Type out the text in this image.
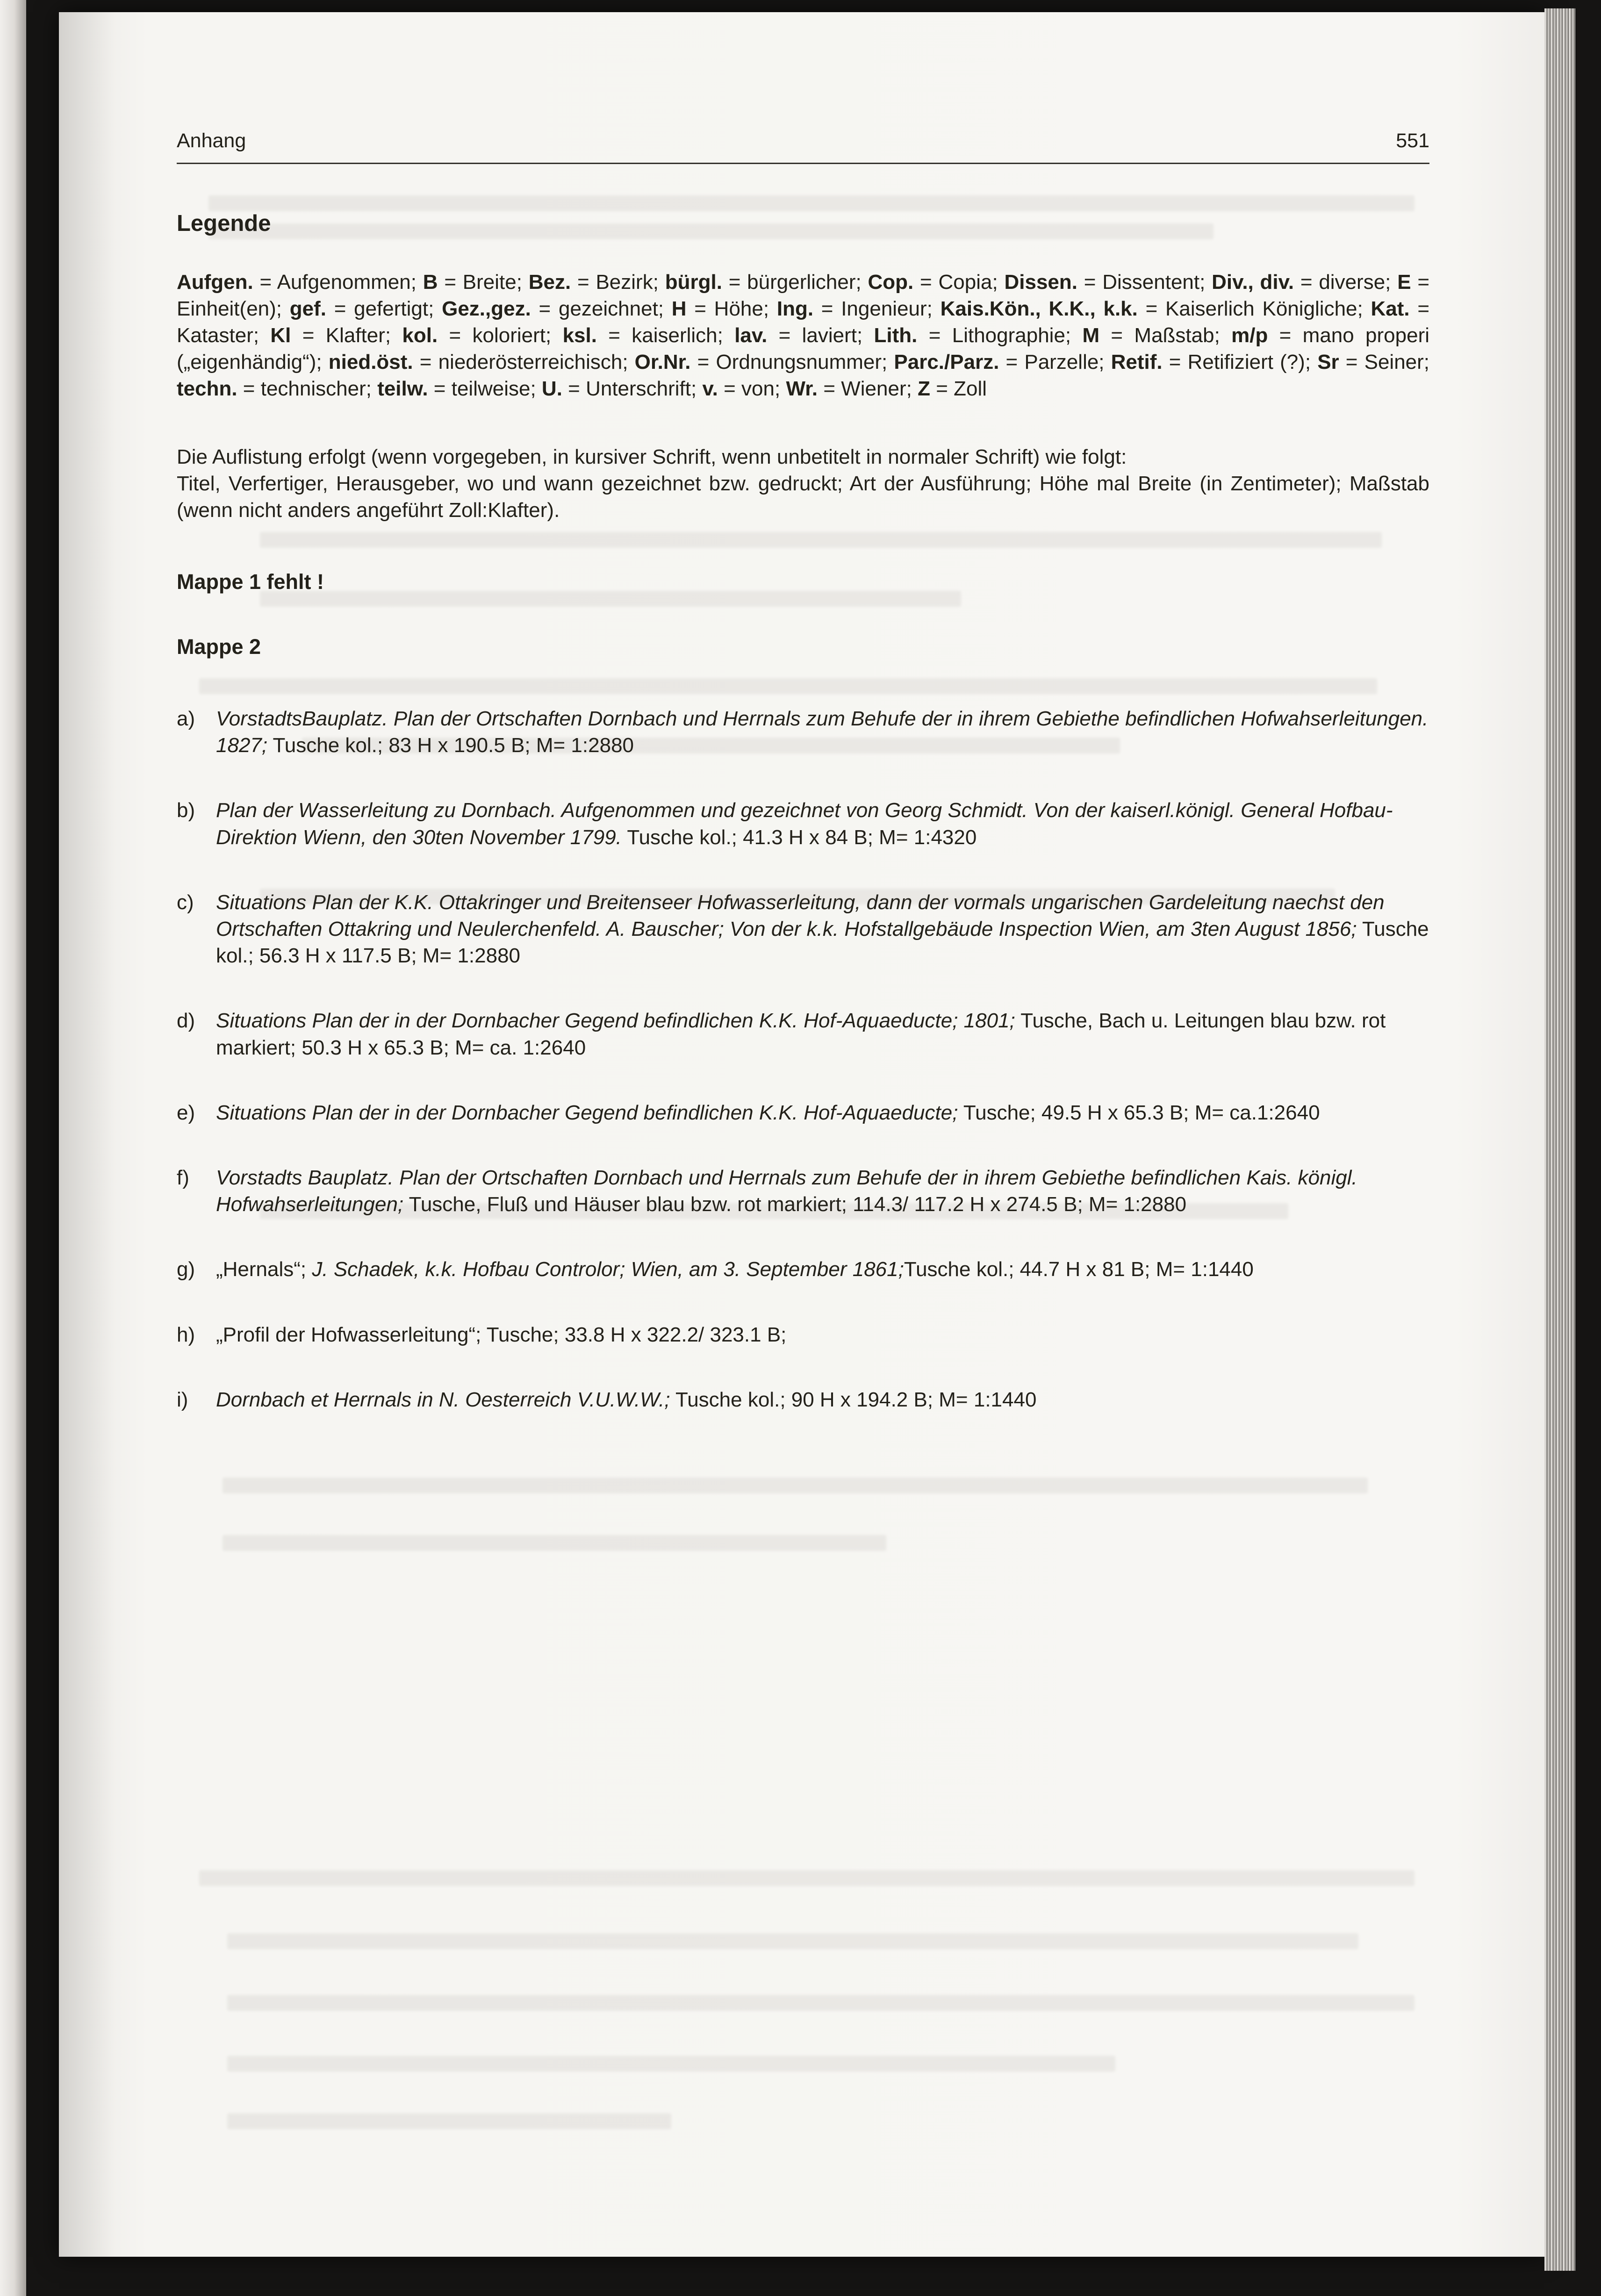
Anhang	551
Legende
Aufgen. = Aufgenommen; B = Breite; Bez. = Bezirk; bürgl. = bürgerlicher; Cop. = Copia; Dissen. = Dissentent; Div., div. = diverse; E = Einheit(en); gef. = gefertigt; Gez.,gez. = gezeichnet; H = Höhe; Ing. = Ingenieur; Kais.Kön., K.K., k.k. = Kaiserlich Königliche; Kat. = Kataster; Kl = Klafter; kol. = koloriert; ksl. = kaiserlich; lav. = laviert; Lith. = Lithographie; M = Maßstab; m/p = mano properi („eigenhändig“); nied.öst. = niederösterreichisch; Or.Nr. = Ordnungsnummer; Parc./Parz. = Parzelle; Retif. = Retifiziert (?); Sr = Seiner; techn. = technischer; teilw. = teilweise; U. = Unterschrift; v. = von; Wr. = Wiener; Z = Zoll
Die Auflistung erfolgt (wenn vorgegeben, in kursiver Schrift, wenn unbetitelt in normaler Schrift) wie folgt:
Titel, Verfertiger, Herausgeber, wo und wann gezeichnet bzw. gedruckt; Art der Ausführung; Höhe mal Breite (in Zentimeter); Maßstab (wenn nicht anders angeführt Zoll:Klafter).
Mappe 1 fehlt !
Mappe 2
a)	VorstadtsBauplatz. Plan der Ortschaften Dornbach und Herrnals zum Behufe der in ihrem Gebiethe befindlichen Hofwahserleitungen. 1827; Tusche kol.; 83 H x 190.5 B; M= 1:2880
b)	Plan der Wasserleitung zu Dornbach. Aufgenommen und gezeichnet von Georg Schmidt. Von der kaiserl.königl. General Hofbau-Direktion Wienn, den 30ten November 1799. Tusche kol.; 41.3 H x 84 B; M= 1:4320
c)	Situations Plan der K.K. Ottakringer und Breitenseer Hofwasserleitung, dann der vormals ungarischen Gardeleitung naechst den Ortschaften Ottakring und Neulerchenfeld. A. Bauscher; Von der k.k. Hofstallgebäude Inspection Wien, am 3ten August 1856; Tusche kol.; 56.3 H x 117.5 B; M= 1:2880
d)	Situations Plan der in der Dornbacher Gegend befindlichen K.K. Hof-Aquaeducte; 1801; Tusche, Bach u. Leitungen blau bzw. rot markiert; 50.3 H x 65.3 B; M= ca. 1:2640
e)	Situations Plan der in der Dornbacher Gegend befindlichen K.K. Hof-Aquaeducte; Tusche; 49.5 H x 65.3 B; M= ca.1:2640
f)	Vorstadts Bauplatz. Plan der Ortschaften Dornbach und Herrnals zum Behufe der in ihrem Gebiethe befindlichen Kais. königl. Hofwahserleitungen; Tusche, Fluß und Häuser blau bzw. rot markiert; 114.3/ 117.2 H x 274.5 B; M= 1:2880
g)	„Hernals“; J. Schadek, k.k. Hofbau Controlor; Wien, am 3. September 1861;Tusche kol.; 44.7 H x 81 B; M= 1:1440
h)	„Profil der Hofwasserleitung“; Tusche; 33.8 H x 322.2/ 323.1 B;
i)	Dornbach et Herrnals in N. Oesterreich V.U.W.W.; Tusche kol.; 90 H x 194.2 B; M= 1:1440
